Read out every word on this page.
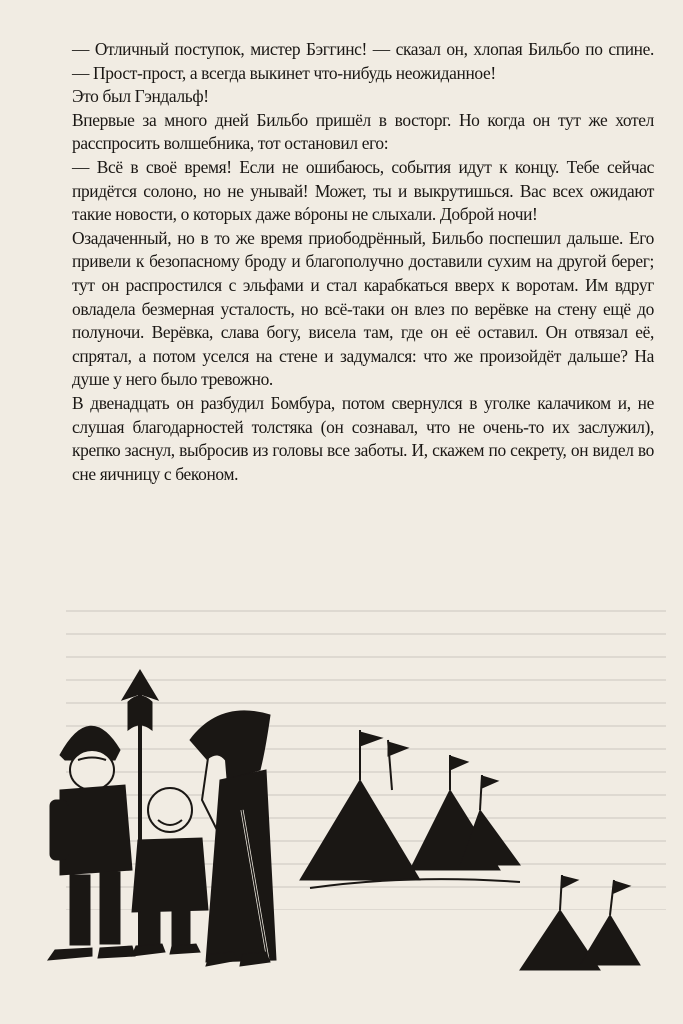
— Отличный поступок, мистер Бэггинс! — сказал он, хлопая Бильбо по спине. — Прост-прост, а всегда выкинет что-нибудь неожиданное!

Это был Гэндальф!

Впервые за много дней Бильбо пришёл в восторг. Но когда он тут же хотел расспросить волшебника, тот остановил его:

— Всё в своё время! Если не ошибаюсь, события идут к концу. Тебе сейчас придётся солоно, но не унывай! Может, ты и выкрутишься. Вас всех ожидают такие новости, о которых даже вóроны не слыхали. Доброй ночи!

Озадаченный, но в то же время приободрённый, Бильбо поспешил дальше. Его привели к безопасному броду и благополучно доставили сухим на другой берег; тут он распростился с эльфами и стал карабкаться вверх к воротам. Им вдруг овладела безмерная усталость, но всё-таки он влез по верёвке на стену ещё до полуночи. Верёвка, слава богу, висела там, где он её оставил. Он отвязал её, спрятал, а потом уселся на стене и задумался: что же произойдёт дальше? На душе у него было тревожно.

В двенадцать он разбудил Бомбура, потом свернулся в уголке калачиком и, не слушая благодарностей толстяка (он сознавал, что не очень-то их заслужил), крепко заснул, выбросив из головы все заботы. И, скажем по секрету, он видел во сне яичницу с беконом.
